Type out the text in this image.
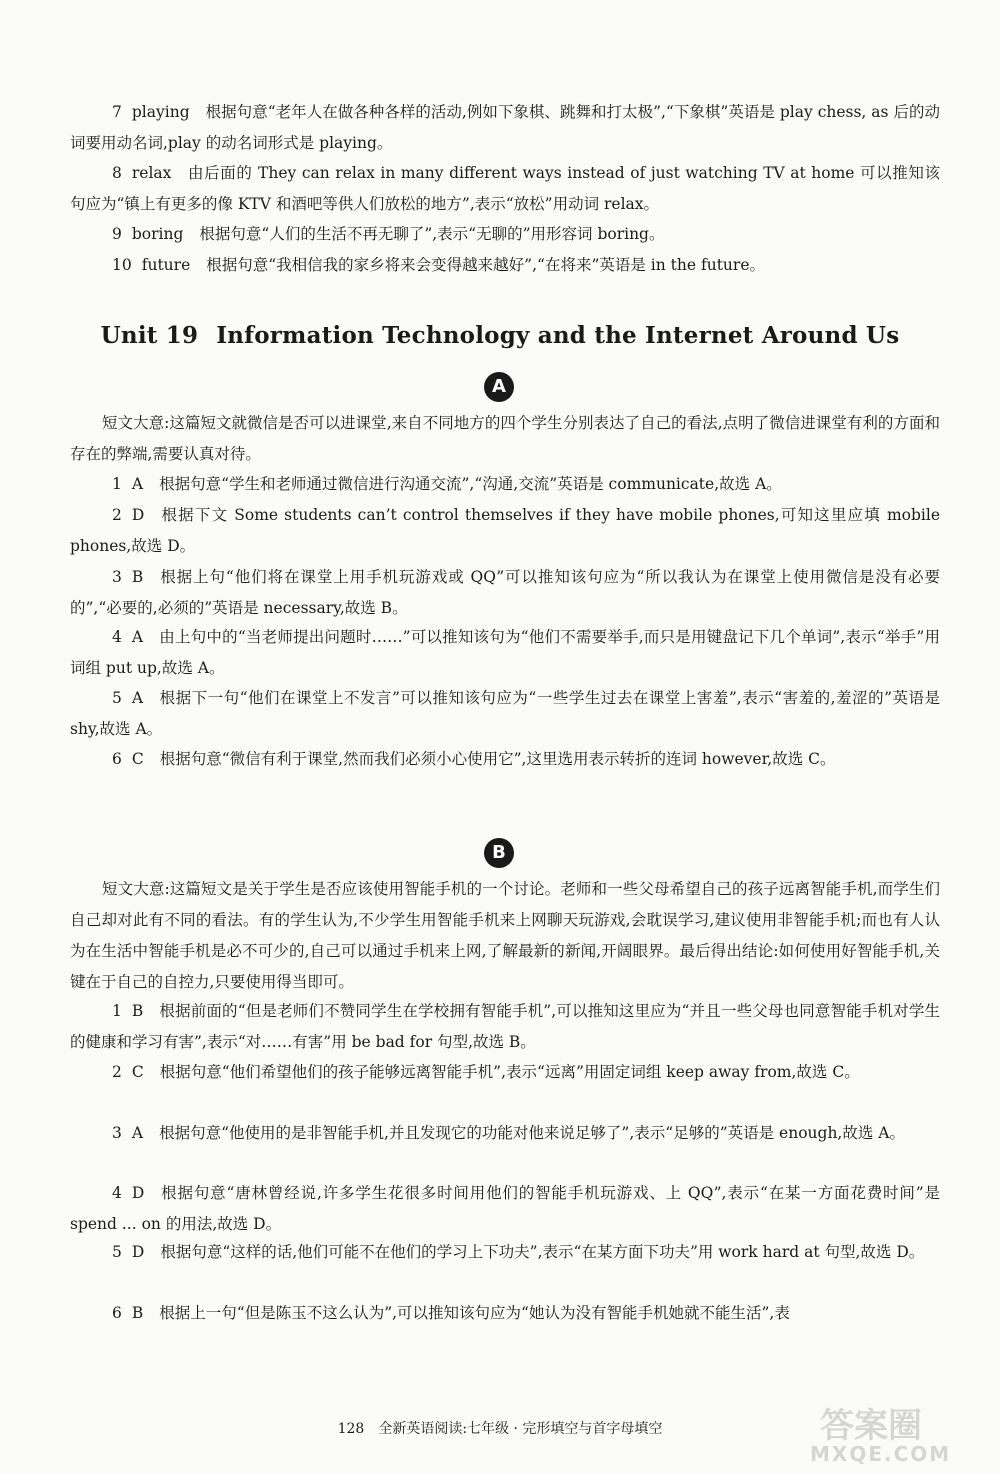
7 playing 根据句意“老年人在做各种各样的活动,例如下象棋、跳舞和打太极”,“下象棋”英语是 play chess, as 后的动词要用动名词,play 的动名词形式是 playing。

8 relax 由后面的 They can relax in many different ways instead of just watching TV at home 可以推知该句应为“镇上有更多的像 KTV 和酒吧等供人们放松的地方”,表示“放松”用动词 relax。

9 boring 根据句意“人们的生活不再无聊了”,表示“无聊的”用形容词 boring。

10 future 根据句意“我相信我的家乡将来会变得越来越好”,“在将来”英语是 in the future。

Unit 19 Information Technology and the Internet Around Us
A

短文大意:这篇短文就微信是否可以进课堂,来自不同地方的四个学生分别表达了自己的看法,点明了微信进课堂有利的方面和存在的弊端,需要认真对待。

1 A 根据句意“学生和老师通过微信进行沟通交流”,“沟通,交流”英语是 communicate,故选 A。

2 D 根据下文 Some students can’t control themselves if they have mobile phones,可知这里应填 mobile phones,故选 D。

3 B 根据上句“他们将在课堂上用手机玩游戏或 QQ”可以推知该句应为“所以我认为在课堂上使用微信是没有必要的”,“必要的,必须的”英语是 necessary,故选 B。

4 A 由上句中的“当老师提出问题时……”可以推知该句为“他们不需要举手,而只是用键盘记下几个单词”,表示“举手”用词组 put up,故选 A。

5 A 根据下一句“他们在课堂上不发言”可以推知该句应为“一些学生过去在课堂上害羞”,表示“害羞的,羞涩的”英语是 shy,故选 A。

6 C 根据句意“微信有利于课堂,然而我们必须小心使用它”,这里选用表示转折的连词 however,故选 C。

B

短文大意:这篇短文是关于学生是否应该使用智能手机的一个讨论。老师和一些父母希望自己的孩子远离智能手机,而学生们自己却对此有不同的看法。有的学生认为,不少学生用智能手机来上网聊天玩游戏,会耽误学习,建议使用非智能手机;而也有人认为在生活中智能手机是必不可少的,自己可以通过手机来上网,了解最新的新闻,开阔眼界。最后得出结论:如何使用好智能手机,关键在于自己的自控力,只要使用得当即可。

1 B 根据前面的“但是老师们不赞同学生在学校拥有智能手机”,可以推知这里应为“并且一些父母也同意智能手机对学生的健康和学习有害”,表示“对……有害”用 be bad for 句型,故选 B。

2 C 根据句意“他们希望他们的孩子能够远离智能手机”,表示“远离”用固定词组 keep away from,故选 C。

3 A 根据句意“他使用的是非智能手机,并且发现它的功能对他来说足够了”,表示“足够的”英语是 enough,故选 A。

4 D 根据句意“唐林曾经说,许多学生花很多时间用他们的智能手机玩游戏、上 QQ”,表示“在某一方面花费时间”是 spend ... on 的用法,故选 D。

5 D 根据句意“这样的话,他们可能不在他们的学习上下功夫”,表示“在某方面下功夫”用 work hard at 句型,故选 D。

6 B 根据上一句“但是陈玉不这么认为”,可以推知该句应为“她认为没有智能手机她就不能生活”,表

128 全新英语阅读:七年级 · 完形填空与首字母填空	答案圈
MXQE.COM
